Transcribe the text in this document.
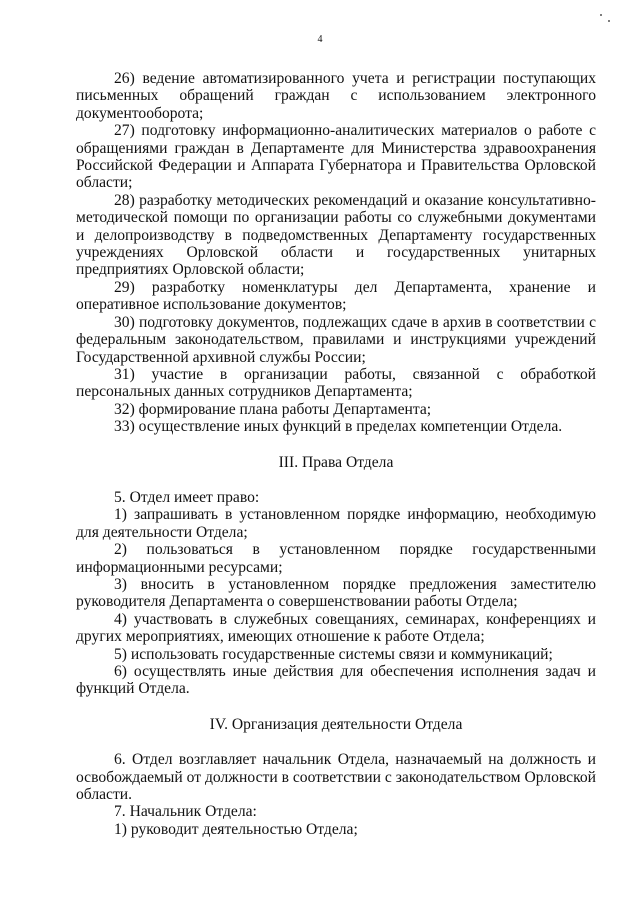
4

26) ведение автоматизированного учета и регистрации поступающих письменных обращений граждан с использованием электронного документооборота;

27) подготовку информационно-аналитических материалов о работе с обращениями граждан в Департаменте для Министерства здравоохранения Российской Федерации и Аппарата Губернатора и Правительства Орловской области;

28) разработку методических рекомендаций и оказание консультативно-методической помощи по организации работы со служебными документами и делопроизводству в подведомственных Департаменту государственных учреждениях Орловской области и государственных унитарных предприятиях Орловской области;

29) разработку номенклатуры дел Департамента, хранение и оперативное использование документов;

30) подготовку документов, подлежащих сдаче в архив в соответствии с федеральным законодательством, правилами и инструкциями учреждений Государственной архивной службы России;

31) участие в организации работы, связанной с обработкой персональных данных сотрудников Департамента;

32) формирование плана работы Департамента;

33) осуществление иных функций в пределах компетенции Отдела.

III. Права Отдела

5. Отдел имеет право:

1) запрашивать в установленном порядке информацию, необходимую для деятельности Отдела;

2) пользоваться в установленном порядке государственными информационными ресурсами;

3) вносить в установленном порядке предложения заместителю руководителя Департамента о совершенствовании работы Отдела;

4) участвовать в служебных совещаниях, семинарах, конференциях и других мероприятиях, имеющих отношение к работе Отдела;

5) использовать государственные системы связи и коммуникаций;

6) осуществлять иные действия для обеспечения исполнения задач и функций Отдела.

IV. Организация деятельности Отдела

6. Отдел возглавляет начальник Отдела, назначаемый на должность и освобождаемый от должности в соответствии с законодательством Орловской области.

7. Начальник Отдела:

1) руководит деятельностью Отдела;
